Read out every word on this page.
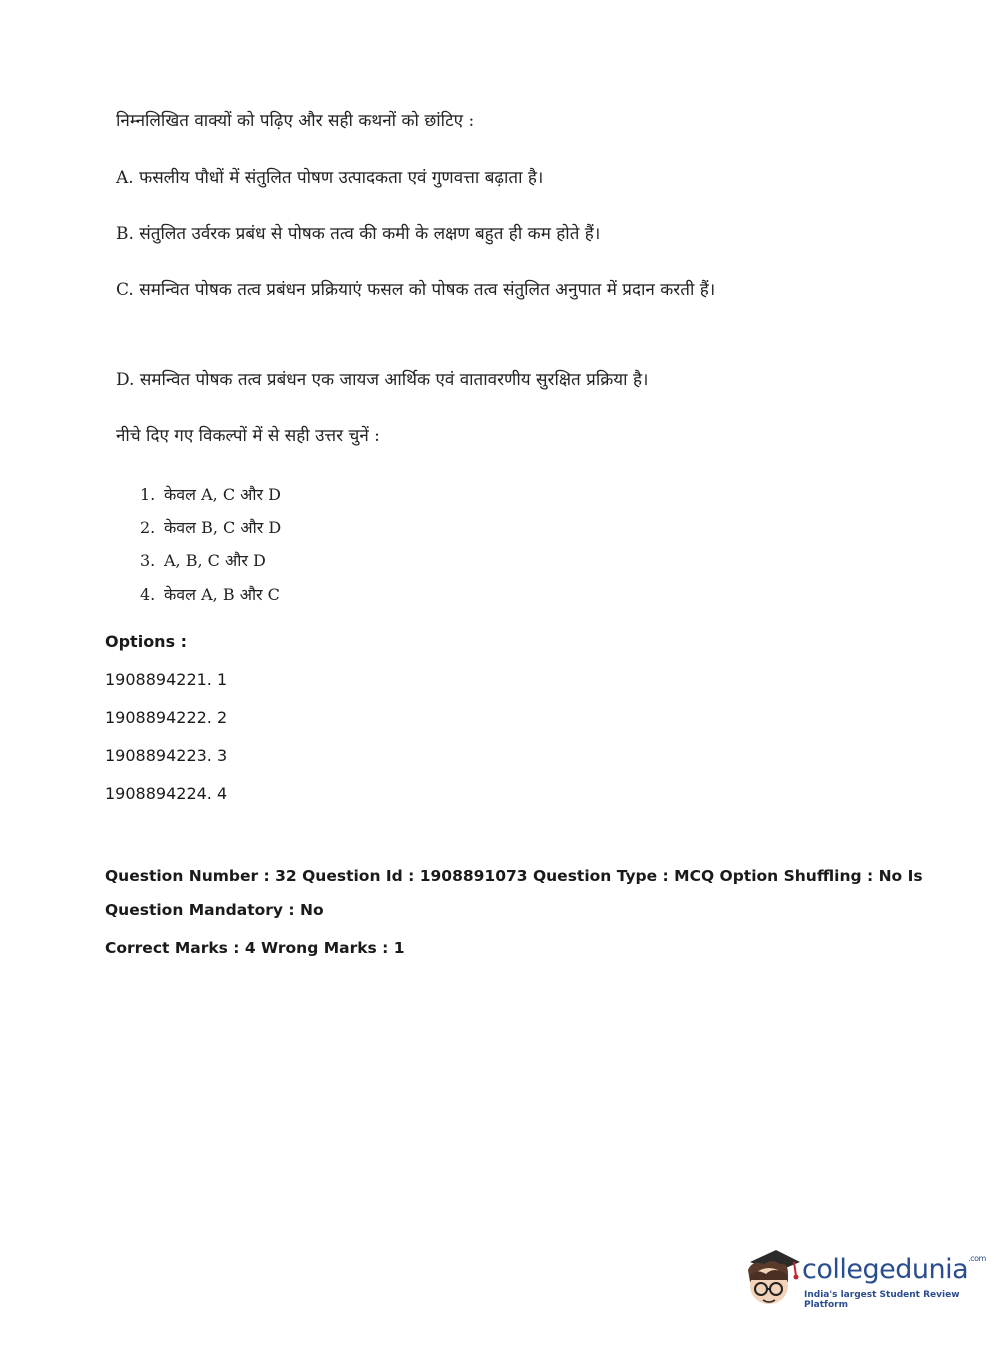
निम्नलिखित वाक्यों को पढ़िए और सही कथनों को छांटिए :
A. फसलीय पौधों में संतुलित पोषण उत्पादकता एवं गुणवत्ता बढ़ाता है।
B. संतुलित उर्वरक प्रबंध से पोषक तत्व की कमी के लक्षण बहुत ही कम होते हैं।
C. समन्वित पोषक तत्व प्रबंधन प्रक्रियाएं फसल को पोषक तत्व संतुलित अनुपात में प्रदान करती हैं।
D. समन्वित पोषक तत्व प्रबंधन एक जायज आर्थिक एवं वातावरणीय सुरक्षित प्रक्रिया है।
नीचे दिए गए विकल्पों में से सही उत्तर चुनें :
1. केवल A, C और D
2. केवल B, C और D
3. A, B, C और D
4. केवल A, B और C
Options :
1908894221. 1
1908894222. 2
1908894223. 3
1908894224. 4
Question Number : 32 Question Id : 1908891073 Question Type : MCQ Option Shuffling : No Is
Question Mandatory : No
Correct Marks : 4 Wrong Marks : 1
collegedunia$^{.com}$
India's largest Student Review Platform
